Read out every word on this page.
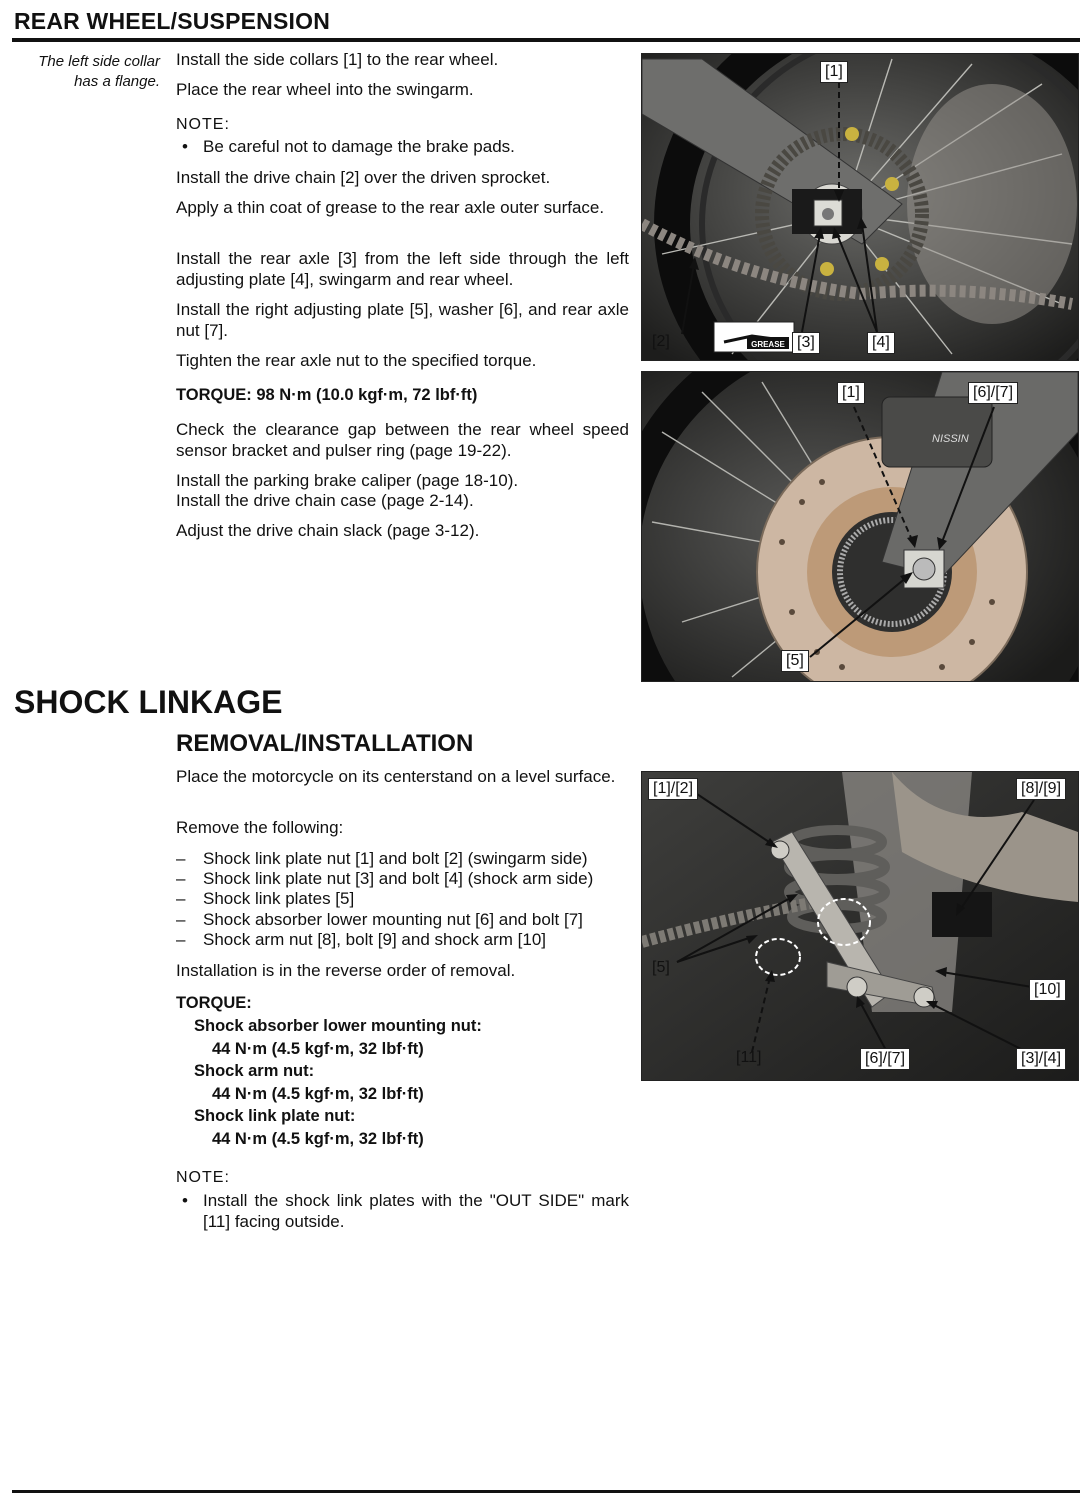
REAR WHEEL/SUSPENSION
The left side collar has a flange.

Install the side collars [1] to the rear wheel.

Place the rear wheel into the swingarm.

NOTE:

• Be careful not to damage the brake pads.

Install the drive chain [2] over the driven sprocket.

Apply a thin coat of grease to the rear axle outer surface.

Install the rear axle [3] from the left side through the left adjusting plate [4], swingarm and rear wheel.

Install the right adjusting plate [5], washer [6], and rear axle nut [7].

Tighten the rear axle nut to the specified torque.

TORQUE: 98 N·m (10.0 kgf·m, 72 lbf·ft)

Check the clearance gap between the rear wheel speed sensor bracket and pulser ring (page 19-22).

Install the parking brake caliper (page 18-10).

Install the drive chain case (page 2-14).

Adjust the drive chain slack (page 3-12).

GREASE
[1]
[2]	[3]	[4]
NISSIN
[1]	[6]/[7]
[5]
SHOCK LINKAGE
REMOVAL/INSTALLATION

Place the motorcycle on its centerstand on a level surface.

Remove the following:

– Shock link plate nut [1] and bolt [2] (swingarm side)
– Shock link plate nut [3] and bolt [4] (shock arm side)
– Shock link plates [5]
– Shock absorber lower mounting nut [6] and bolt [7]
– Shock arm nut [8], bolt [9] and shock arm [10]

Installation is in the reverse order of removal.

TORQUE:
Shock absorber lower mounting nut:
44 N·m (4.5 kgf·m, 32 lbf·ft)
Shock arm nut:
44 N·m (4.5 kgf·m, 32 lbf·ft)
Shock link plate nut:
44 N·m (4.5 kgf·m, 32 lbf·ft)

NOTE:

• Install the shock link plates with the "OUT SIDE" mark [11] facing outside.

[1]/[2]	[8]/[9]
[5]
[10]
[11]	[6]/[7]	[3]/[4]
